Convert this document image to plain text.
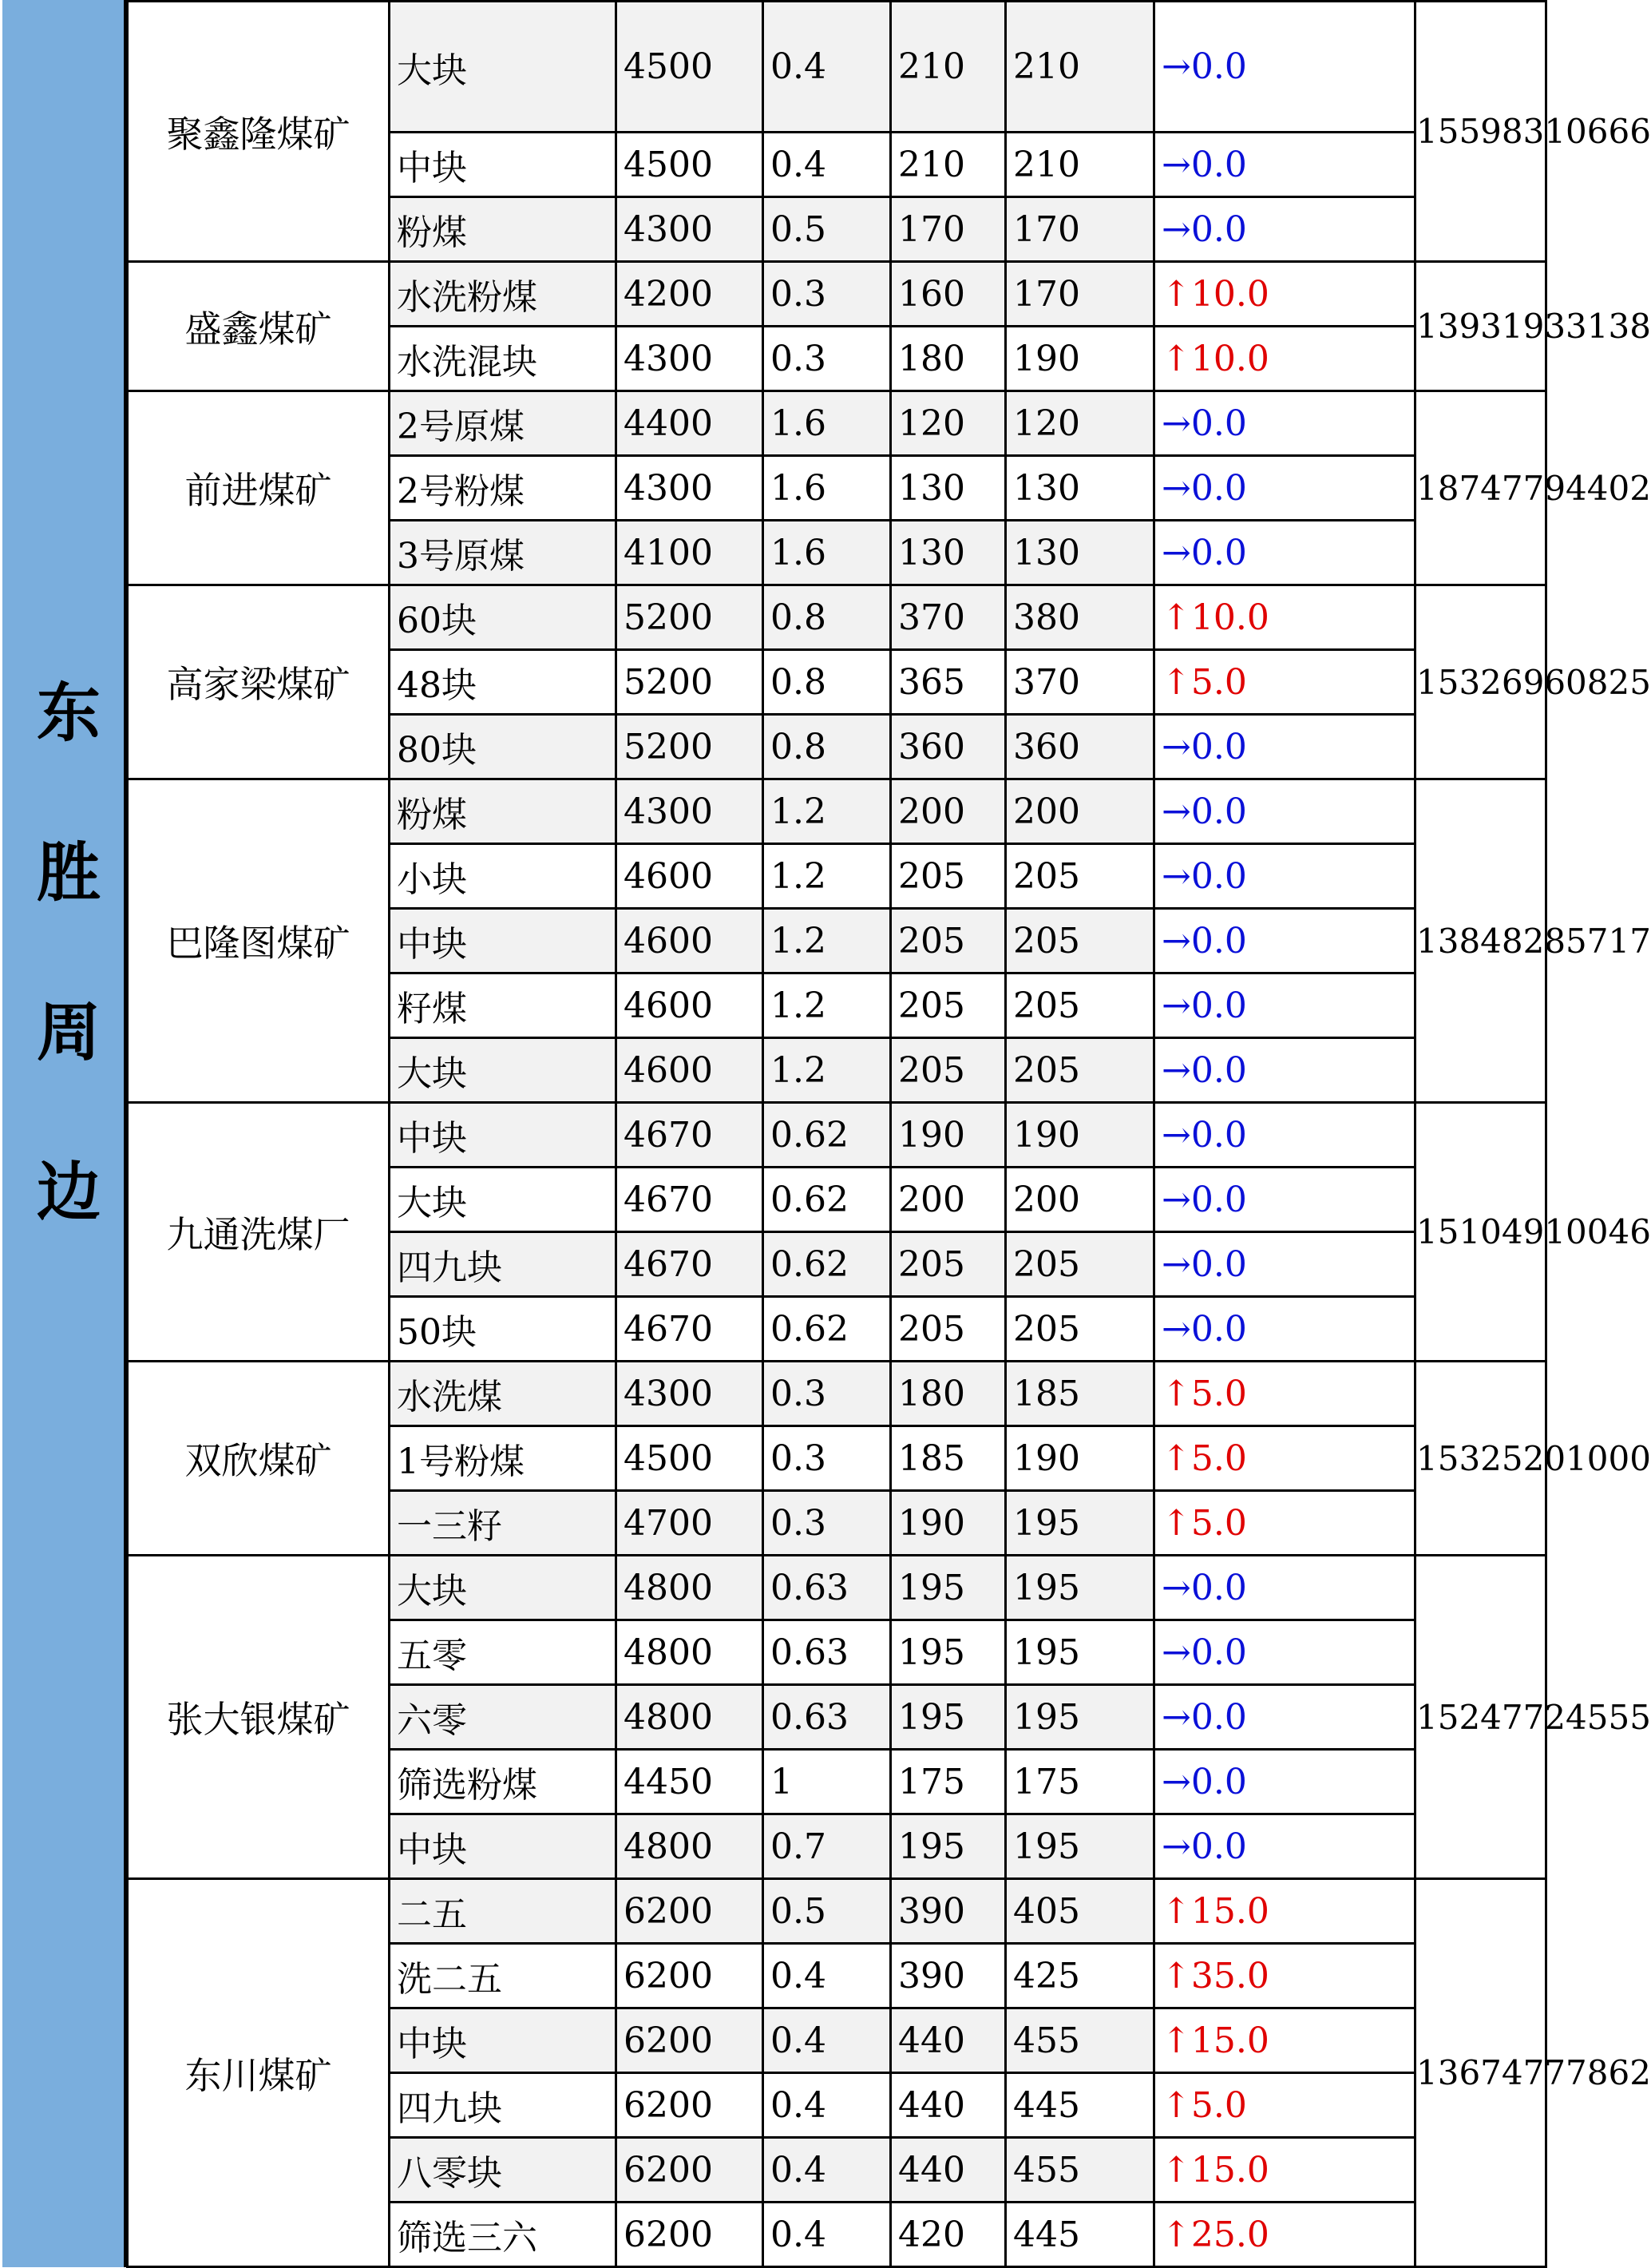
东胜周边
聚鑫隆煤矿	大块	4500	0.4	210	210	→0.0	15598310666
	中块	4500	0.4	210	210	→0.0	
	粉煤	4300	0.5	170	170	→0.0	
盛鑫煤矿	水洗粉煤	4200	0.3	160	170	↑10.0	13931933138
	水洗混块	4300	0.3	180	190	↑10.0	
前进煤矿	2号原煤	4400	1.6	120	120	→0.0	18747794402
	2号粉煤	4300	1.6	130	130	→0.0	
	3号原煤	4100	1.6	130	130	→0.0	
高家梁煤矿	60块	5200	0.8	370	380	↑10.0	15326960825
	48块	5200	0.8	365	370	↑5.0	
	80块	5200	0.8	360	360	→0.0	
巴隆图煤矿	粉煤	4300	1.2	200	200	→0.0	13848285717
	小块	4600	1.2	205	205	→0.0	
	中块	4600	1.2	205	205	→0.0	
	籽煤	4600	1.2	205	205	→0.0	
	大块	4600	1.2	205	205	→0.0	
九通洗煤厂	中块	4670	0.62	190	190	→0.0	15104910046
	大块	4670	0.62	200	200	→0.0	
	四九块	4670	0.62	205	205	→0.0	
	50块	4670	0.62	205	205	→0.0	
双欣煤矿	水洗煤	4300	0.3	180	185	↑5.0	15325201000
	1号粉煤	4500	0.3	185	190	↑5.0	
	一三籽	4700	0.3	190	195	↑5.0	
张大银煤矿	大块	4800	0.63	195	195	→0.0	15247724555
	五零	4800	0.63	195	195	→0.0	
	六零	4800	0.63	195	195	→0.0	
	筛选粉煤	4450	1	175	175	→0.0	
	中块	4800	0.7	195	195	→0.0	
东川煤矿	二五	6200	0.5	390	405	↑15.0	13674777862
	洗二五	6200	0.4	390	425	↑35.0	
	中块	6200	0.4	440	455	↑15.0	
	四九块	6200	0.4	440	445	↑5.0	
	八零块	6200	0.4	440	455	↑15.0	
	筛选三六	6200	0.4	420	445	↑25.0	
